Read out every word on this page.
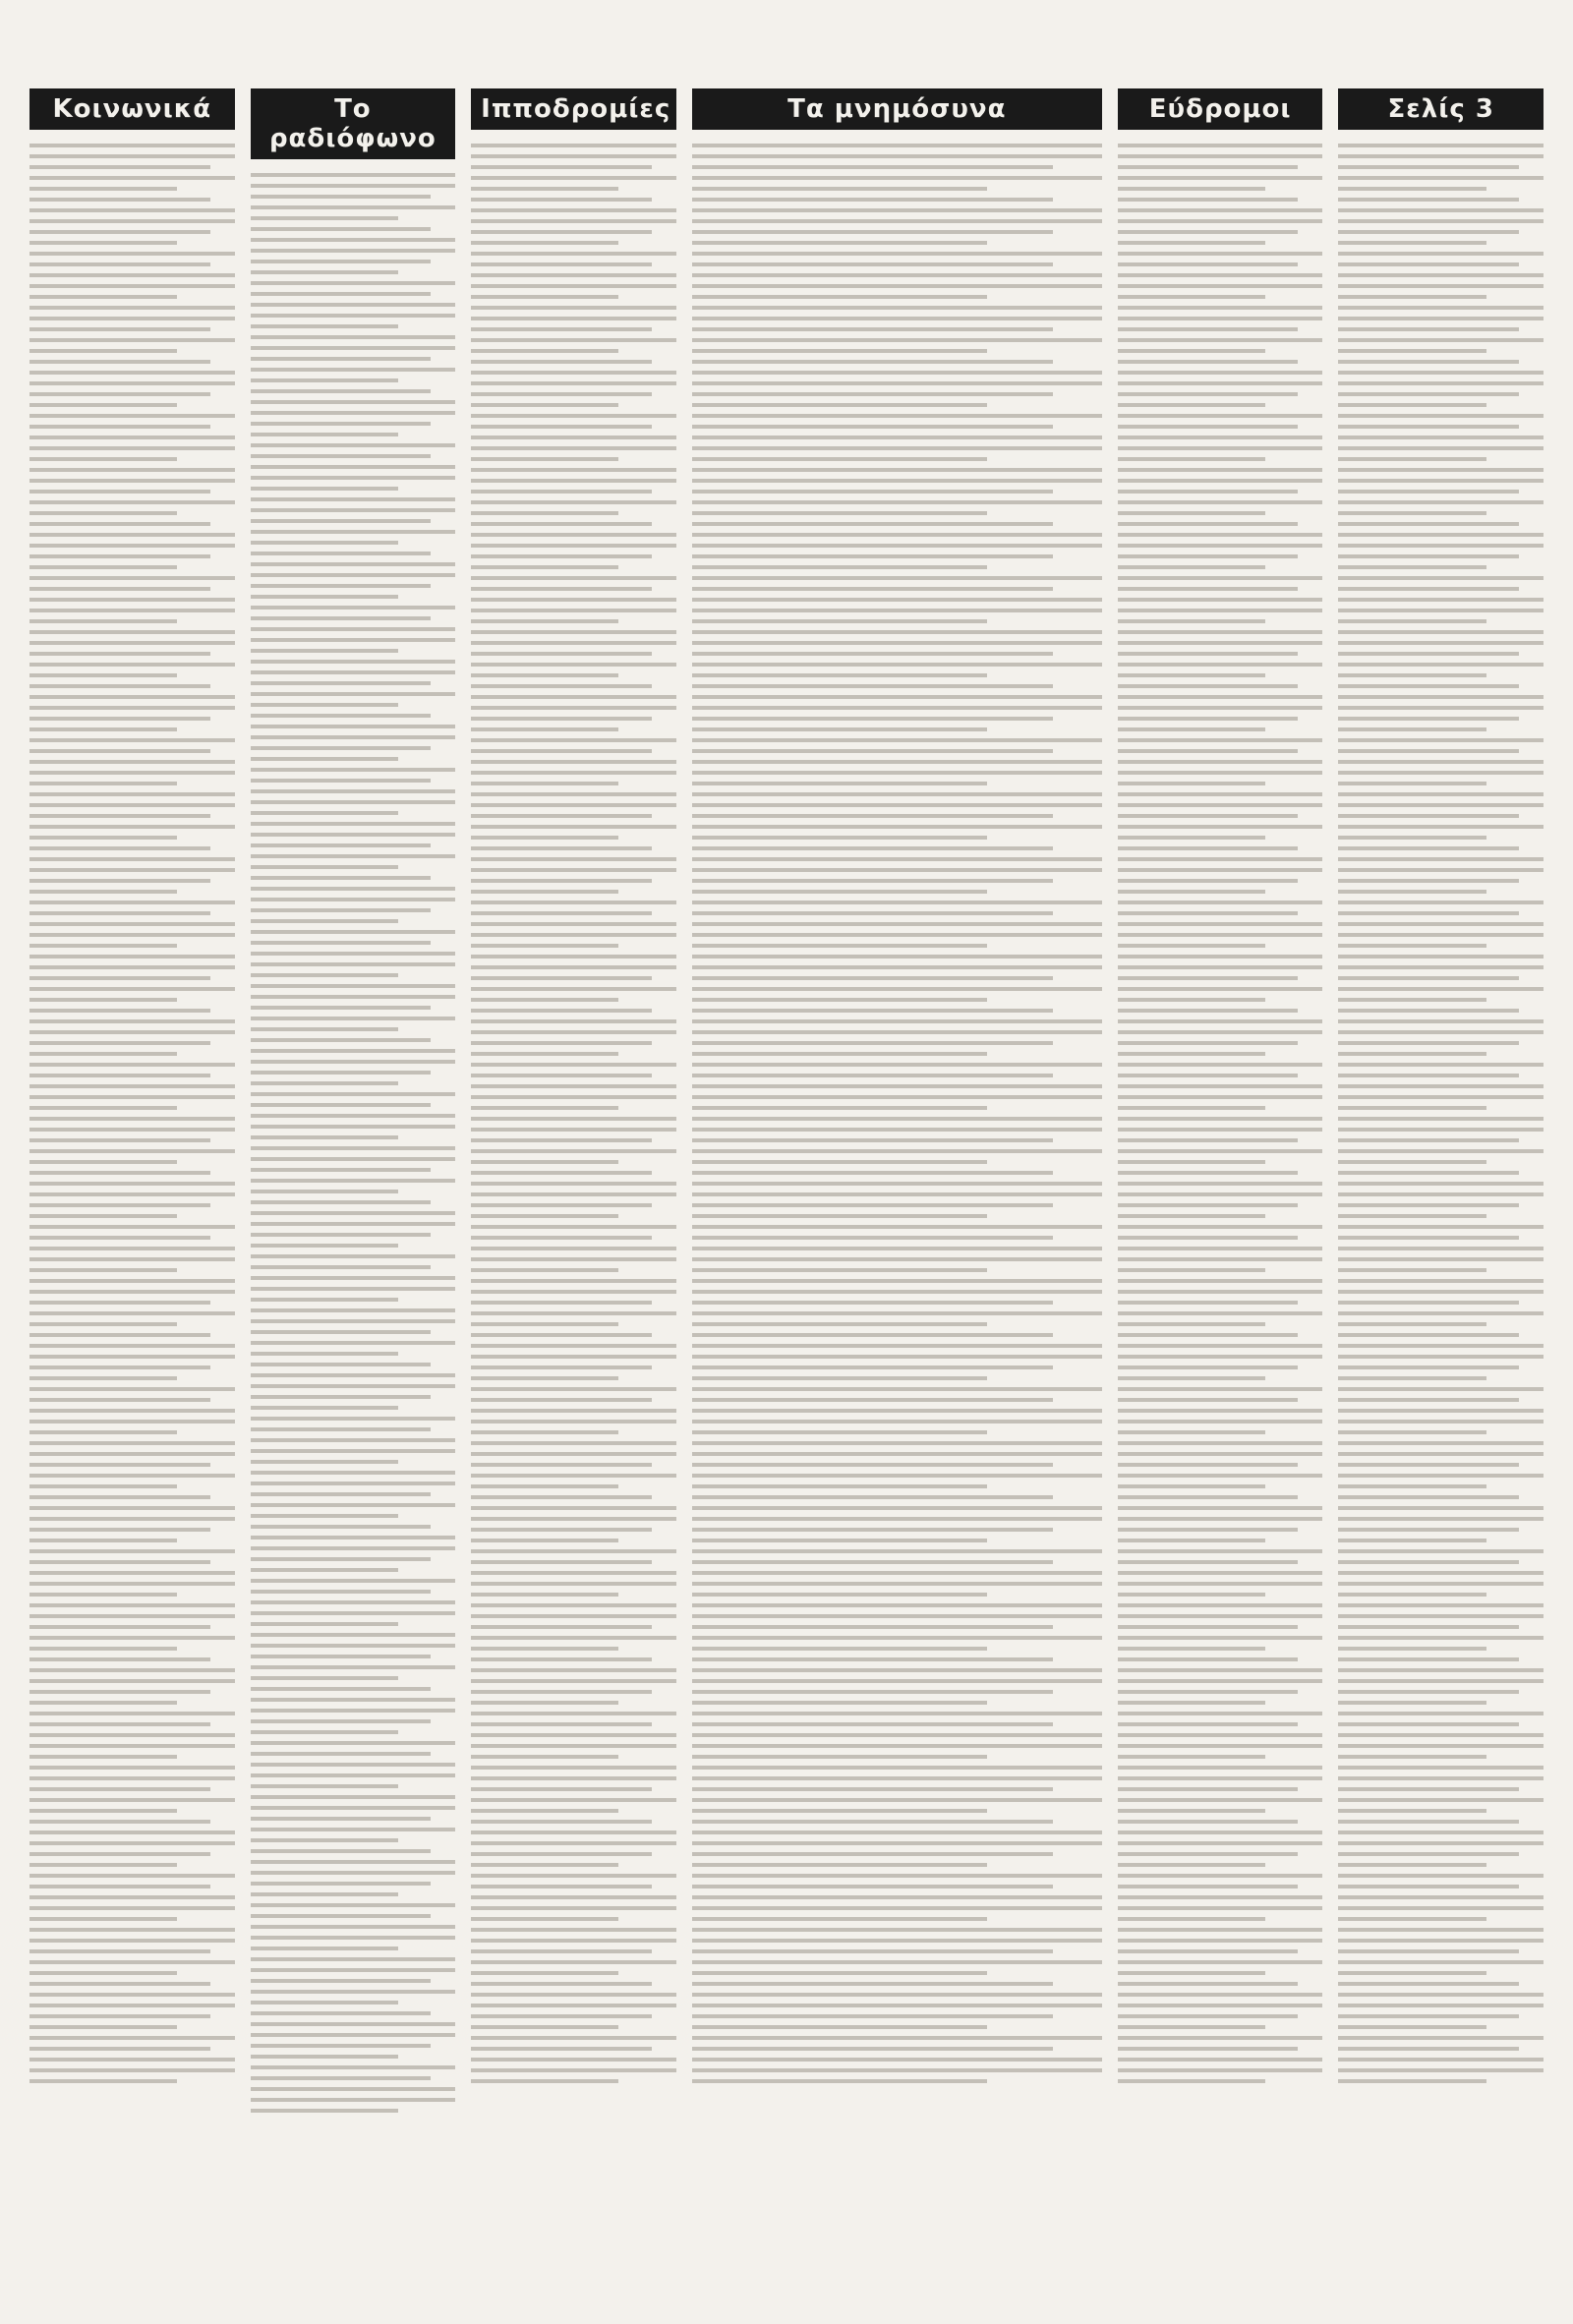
Κοινωνικά	Το ραδιόφωνο
Ιπποδρομίες	Τα μνημόσυνα	Εύδρομοι	Σελίς 3
